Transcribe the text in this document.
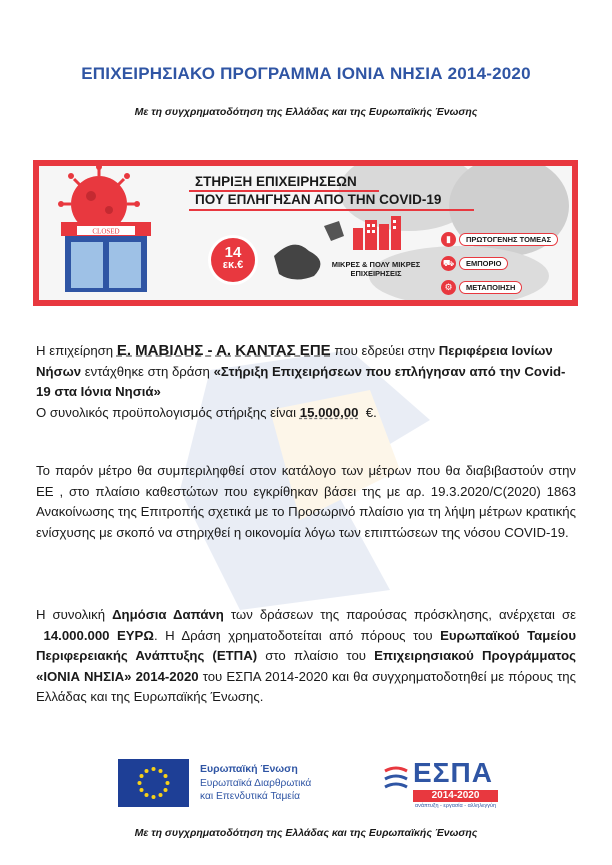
ΕΠΙΧΕΙΡΗΣΙΑΚΟ ΠΡΟΓΡΑΜΜΑ ΙΟΝΙΑ ΝΗΣΙΑ 2014-2020
Με τη συγχρηματοδότηση της Ελλάδας και της Ευρωπαϊκής Ένωσης
CLOSED
ΣΤΗΡΙΞΗ ΕΠΙΧΕΙΡΗΣΕΩΝ
ΠΟΥ ΕΠΛΗΓΗΣΑΝ ΑΠΟ ΤΗΝ COVID-19
14
εκ.€	ΜΙΚΡΕΣ & ΠΟΛΥ ΜΙΚΡΕΣ ΕΠΙΧΕΙΡΗΣΕΙΣ
▮	ΠΡΩΤΟΓΕΝΗΣ ΤΟΜΕΑΣ
⛟	ΕΜΠΟΡΙΟ
⚙	ΜΕΤΑΠΟΙΗΣΗ
Η επιχείρηση Ε. ΜΑΒΙΛΗΣ - Α. ΚΑΝΤΑΣ ΕΠΕ που εδρεύει στην Περιφέρεια Ιονίων Νήσων εντάχθηκε στη δράση «Στήριξη Επιχειρήσεων που επλήγησαν από την Covid-19 στα Ιόνια Νησιά»
Ο συνολικός προϋπολογισμός στήριξης είναι 15.000,00 €.
Το παρόν μέτρο θα συμπεριληφθεί στον κατάλογο των μέτρων που θα διαβιβαστούν στην ΕΕ , στο πλαίσιο καθεστώτων που εγκρίθηκαν βάσει της με αρ. 19.3.2020/C(2020) 1863 Ανακοίνωσης της Επιτροπής σχετικά με το Προσωρινό πλαίσιο για τη λήψη μέτρων κρατικής ενίσχυσης με σκοπό να στηριχθεί η οικονομία λόγω των επιπτώσεων της νόσου COVID-19.
Η συνολική Δημόσια Δαπάνη των δράσεων της παρούσας πρόσκλησης, ανέρχεται σε  14.000.000 ΕΥΡΩ. Η Δράση χρηματοδοτείται από πόρους του Ευρωπαϊκού Ταμείου Περιφερειακής Ανάπτυξης (ΕΤΠΑ) στο πλαίσιο του Επιχειρησιακού Προγράμματος «ΙΟΝΙΑ ΝΗΣΙΑ» 2014-2020 του ΕΣΠΑ 2014-2020 και θα συγχρηματοδοτηθεί με πόρους της Ελλάδας και της Ευρωπαϊκής Ένωσης.
Ευρωπαϊκή Ένωση
Ευρωπαϊκά Διαρθρωτικά
και Επενδυτικά Ταμεία
ΕΣΠΑ
2014-2020
ανάπτυξη - εργασία - αλληλεγγύη
Με τη συγχρηματοδότηση της Ελλάδας και της Ευρωπαϊκής Ένωσης
